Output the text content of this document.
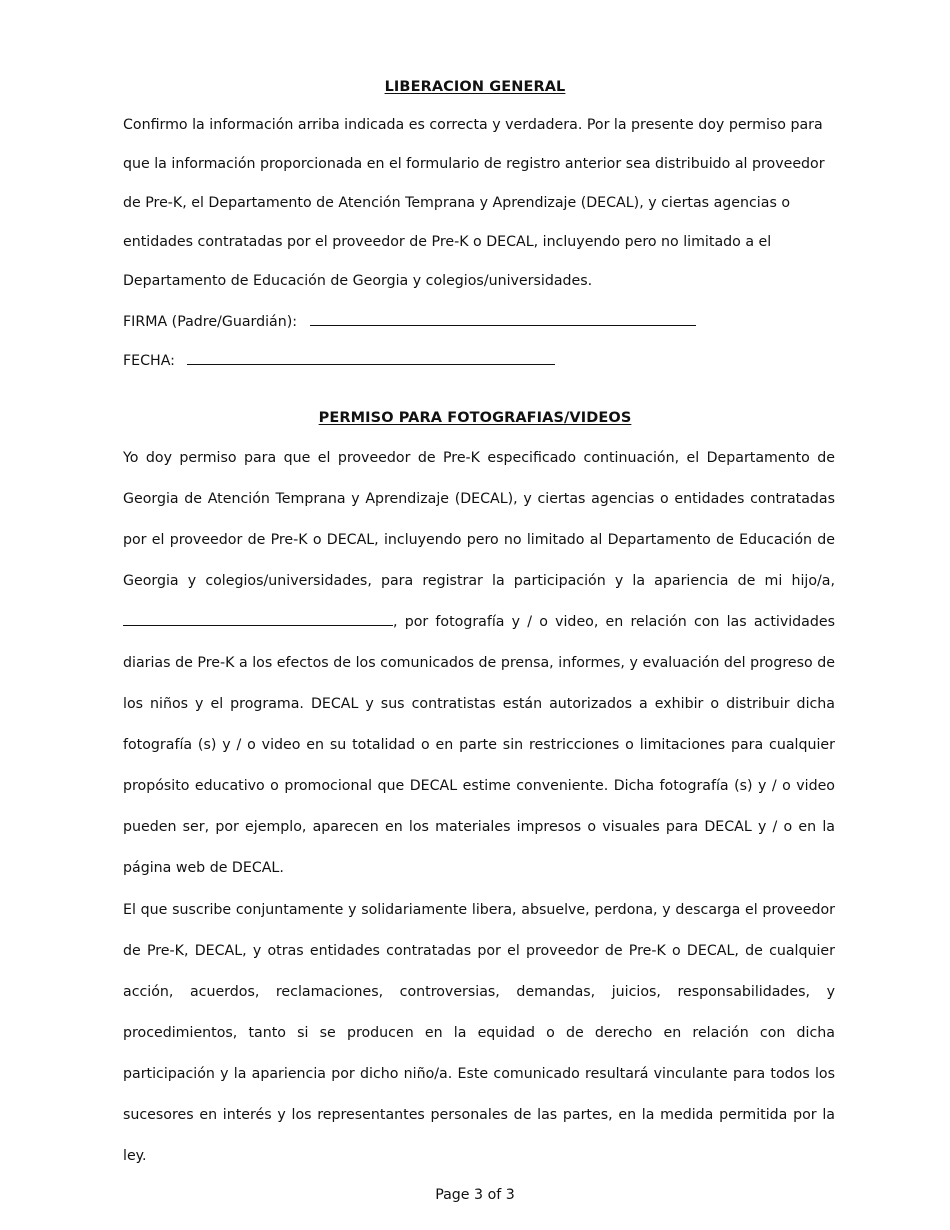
LIBERACION GENERAL

Confirmo la información arriba indicada es correcta y verdadera. Por la presente doy permiso para que la información proporcionada en el formulario de registro anterior sea distribuido al proveedor de Pre-K, el Departamento de Atención Temprana y Aprendizaje (DECAL), y ciertas agencias o entidades contratadas por el proveedor de Pre-K o DECAL, incluyendo pero no limitado a el Departamento de Educación de Georgia y colegios/universidades.

FIRMA (Padre/Guardián):
FECHA:
PERMISO PARA FOTOGRAFIAS/VIDEOS

Yo doy permiso para que el proveedor de Pre-K especificado continuación, el Departamento de Georgia de Atención Temprana y Aprendizaje (DECAL), y ciertas agencias o entidades contratadas por el proveedor de Pre-K o DECAL, incluyendo pero no limitado al Departamento de Educación de Georgia y colegios/universidades, para registrar la participación y la apariencia de mi hijo/a, , por fotografía y / o video, en relación con las actividades diarias de Pre-K a los efectos de los comunicados de prensa, informes, y evaluación del progreso de los niños y el programa. DECAL y sus contratistas están autorizados a exhibir o distribuir dicha fotografía (s) y / o video en su totalidad o en parte sin restricciones o limitaciones para cualquier propósito educativo o promocional que DECAL estime conveniente. Dicha fotografía (s) y / o video pueden ser, por ejemplo, aparecen en los materiales impresos o visuales para DECAL y / o en la página web de DECAL.

El que suscribe conjuntamente y solidariamente libera, absuelve, perdona, y descarga el proveedor de Pre-K, DECAL, y otras entidades contratadas por el proveedor de Pre-K o DECAL, de cualquier acción, acuerdos, reclamaciones, controversias, demandas, juicios, responsabilidades, y procedimientos, tanto si se producen en la equidad o de derecho en relación con dicha participación y la apariencia por dicho niño/a. Este comunicado resultará vinculante para todos los sucesores en interés y los representantes personales de las partes, en la medida permitida por la ley.

Page 3 of 3
